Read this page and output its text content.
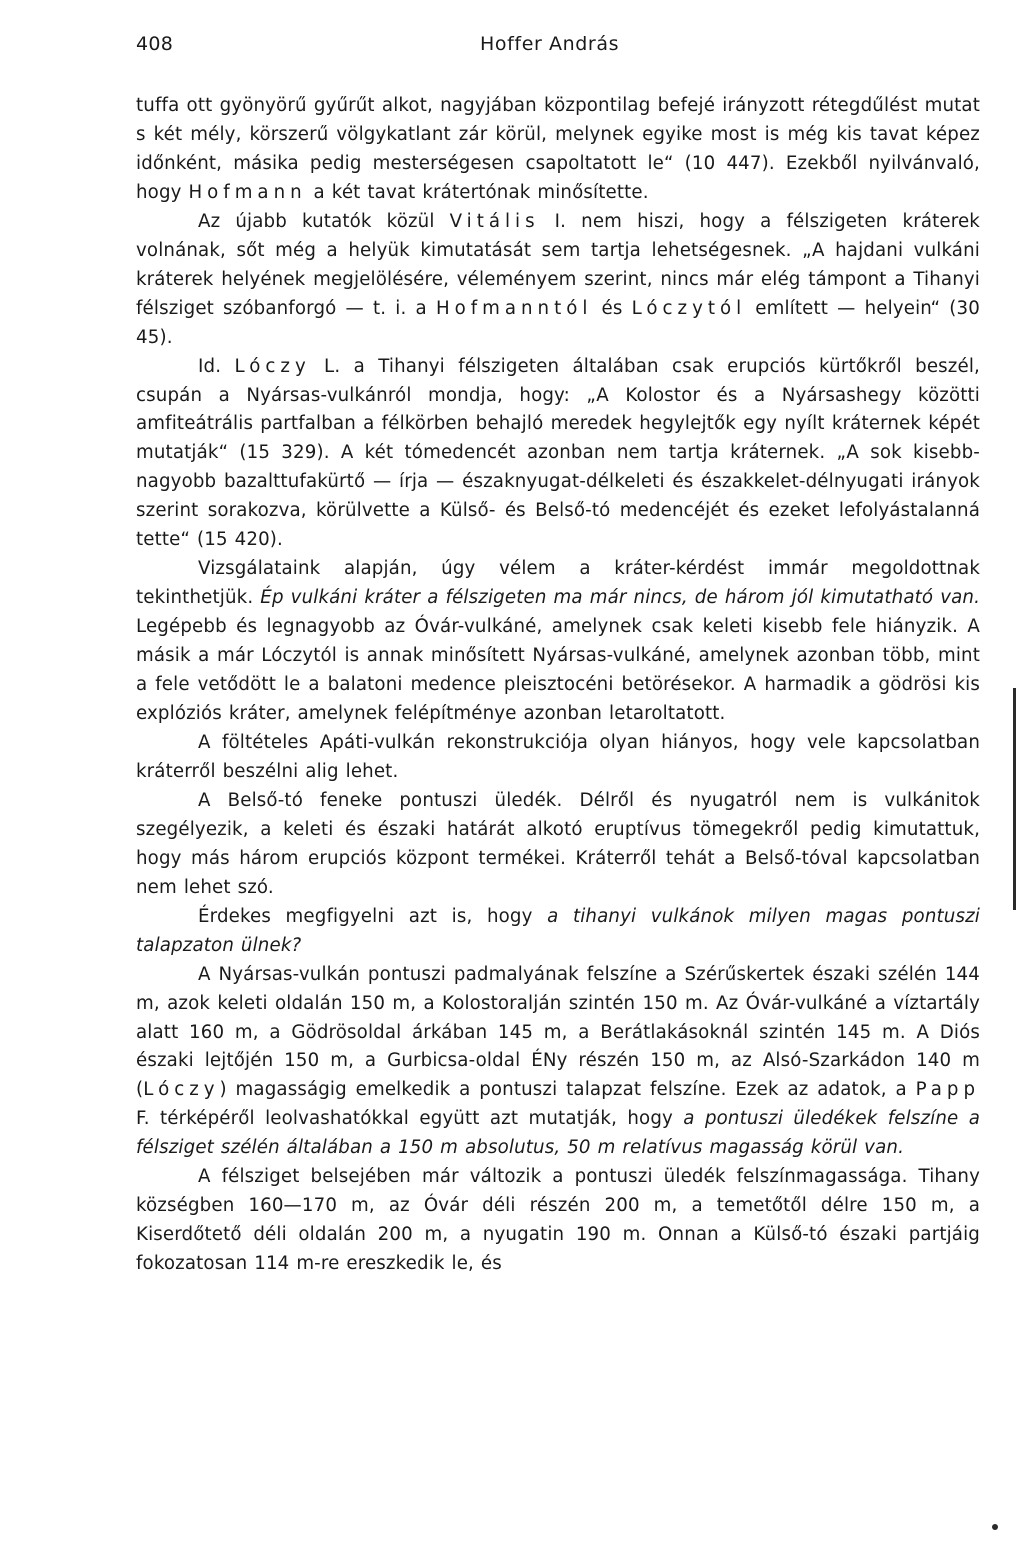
408	Hoffer András

tuffa ott gyönyörű gyűrűt alkot, nagyjában központilag befejé irányzott rétegdűlést mutat s két mély, körszerű völgykatlant zár körül, melynek egyike most is még kis tavat képez időnként, másika pedig mesterségesen csapoltatott le“ (10 447). Ezekből nyilvánvaló, hogy Hofmann a két tavat krátertónak minősítette.

Az újabb kutatók közül Vitális I. nem hiszi, hogy a félszigeten kráterek volnának, sőt még a helyük kimutatását sem tartja lehetségesnek. „A hajdani vulkáni kráterek helyének megjelölésére, véleményem szerint, nincs már elég támpont a Tihanyi félsziget szóbanforgó — t. i. a Hofmanntól és Lóczytól említett — helyein“ (30 45).

Id. Lóczy L. a Tihanyi félszigeten általában csak erupciós kürtőkről beszél, csupán a Nyársas-vulkánról mondja, hogy: „A Kolostor és a Nyársashegy közötti amfiteátrális partfalban a félkörben behajló meredek hegylejtők egy nyílt kráternek képét mutatják“ (15 329). A két tómedencét azonban nem tartja kráternek. „A sok kisebb-nagyobb bazalttufakürtő — írja — északnyugat-délkeleti és északkelet-délnyugati irányok szerint sorakozva, körülvette a Külső- és Belső-tó medencéjét és ezeket lefolyástalanná tette“ (15 420).

Vizsgálataink alapján, úgy vélem a kráter-kérdést immár megoldottnak tekinthetjük. Ép vulkáni kráter a félszigeten ma már nincs, de három jól kimutatható van. Legépebb és legnagyobb az Óvár-vulkáné, amelynek csak keleti kisebb fele hiányzik. A másik a már Lóczytól is annak minősített Nyársas-vulkáné, amelynek azonban több, mint a fele vetődött le a balatoni medence pleisztocéni betörésekor. A harmadik a gödrösi kis explóziós kráter, amelynek felépítménye azonban letaroltatott.

A föltételes Apáti-vulkán rekonstrukciója olyan hiányos, hogy vele kapcsolatban kráterről beszélni alig lehet.

A Belső-tó feneke pontuszi üledék. Délről és nyugatról nem is vulkánitok szegélyezik, a keleti és északi határát alkotó eruptívus tömegekről pedig kimutattuk, hogy más három erupciós központ termékei. Kráterről tehát a Belső-tóval kapcsolatban nem lehet szó.

Érdekes megfigyelni azt is, hogy a tihanyi vulkánok milyen magas pontuszi talapzaton ülnek?

A Nyársas-vulkán pontuszi padmalyának felszíne a Szérűskertek északi szélén 144 m, azok keleti oldalán 150 m, a Kolostoralján szintén 150 m. Az Óvár-vulkáné a víztartály alatt 160 m, a Gödrösoldal árkában 145 m, a Berátlakásoknál szintén 145 m. A Diós északi lejtőjén 150 m, a Gurbicsa-oldal ÉNy részén 150 m, az Alsó-Szarkádon 140 m (Lóczy) magasságig emelkedik a pontuszi talapzat felszíne. Ezek az adatok, a Papp F. térképéről leolvashatókkal együtt azt mutatják, hogy a pontuszi üledékek felszíne a félsziget szélén általában a 150 m absolutus, 50 m relatívus magasság körül van.

A félsziget belsejében már változik a pontuszi üledék felszínmagassága. Tihany községben 160—170 m, az Óvár déli részén 200 m, a temetőtől délre 150 m, a Kiserdőtető déli oldalán 200 m, a nyugatin 190 m. Onnan a Külső-tó északi partjáig fokozatosan 114 m-re ereszkedik le, és
